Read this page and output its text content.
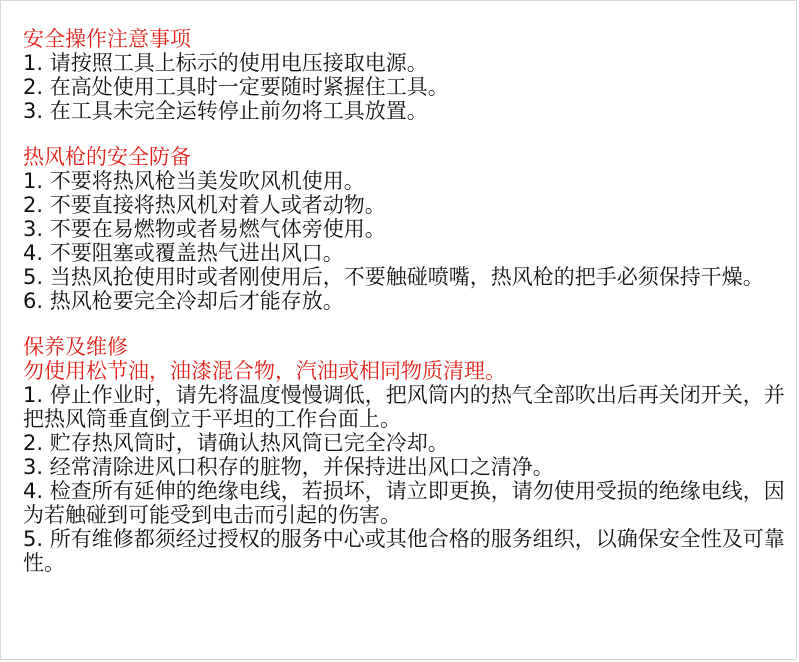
安全操作注意事项

1. 请按照工具上标示的使用电压接取电源。

2. 在高处使用工具时一定要随时紧握住工具。

3. 在工具未完全运转停止前勿将工具放置。

热风枪的安全防备

1. 不要将热风枪当美发吹风机使用。

2. 不要直接将热风机对着人或者动物。

3. 不要在易燃物或者易燃气体旁使用。

4. 不要阻塞或覆盖热气进出风口。

5. 当热风抢使用时或者刚使用后，不要触碰喷嘴，热风枪的把手必须保持干燥。

6. 热风枪要完全冷却后才能存放。

保养及维修

勿使用松节油，油漆混合物，汽油或相同物质清理。

1. 停止作业时，请先将温度慢慢调低，把风筒内的热气全部吹出后再关闭开关，并把热风筒垂直倒立于平坦的工作台面上。

2. 贮存热风筒时，请确认热风筒已完全冷却。

3. 经常清除进风口积存的脏物，并保持进出风口之清净。

4. 检查所有延伸的绝缘电线，若损坏，请立即更换，请勿使用受损的绝缘电线，因为若触碰到可能受到电击而引起的伤害。

5. 所有维修都须经过授权的服务中心或其他合格的服务组织，以确保安全性及可靠性。
